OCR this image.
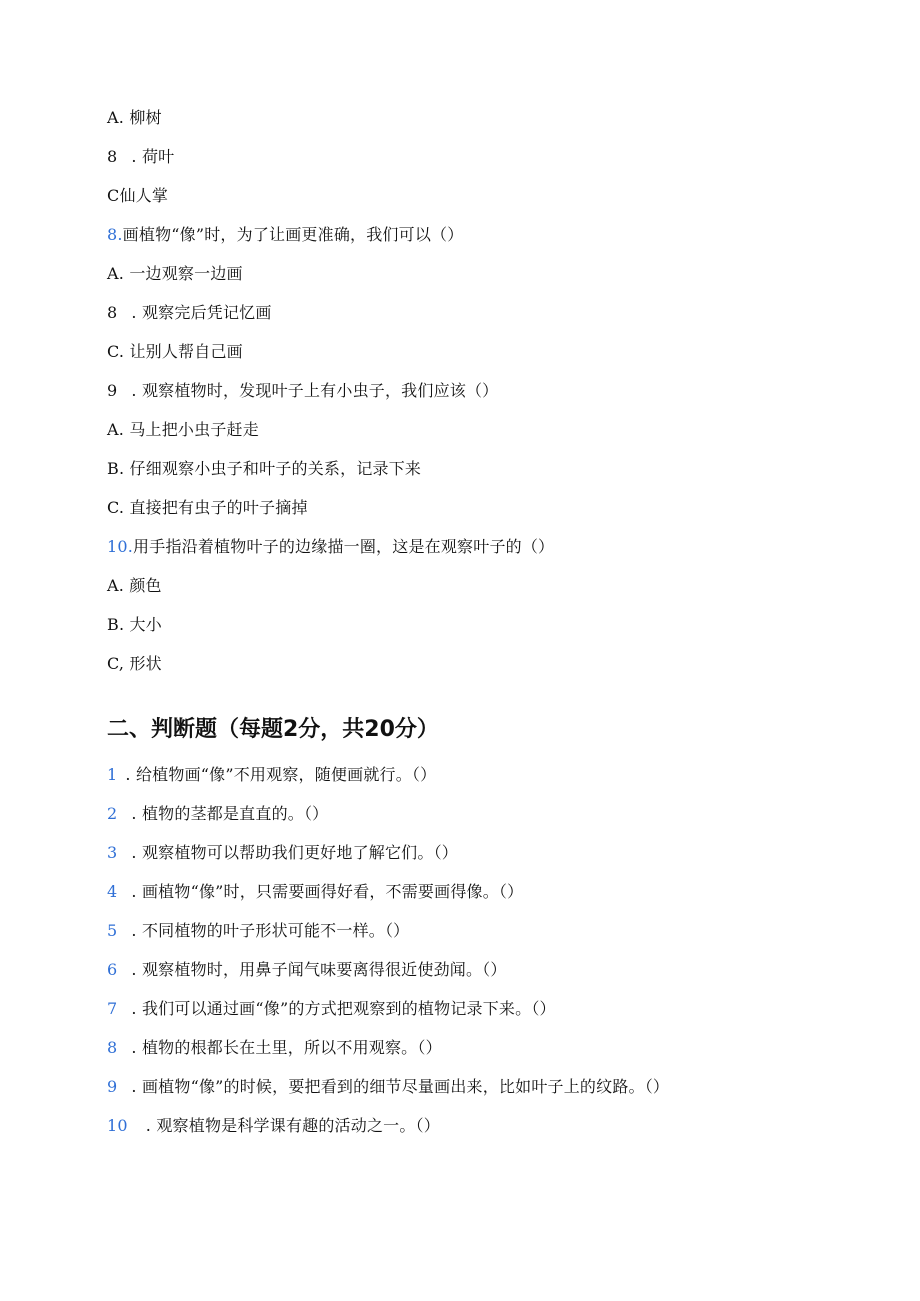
A. 柳树
8 . 荷叶
C仙人掌
8.画植物“像”时，为了让画更准确，我们可以（）
A. 一边观察一边画
8 . 观察完后凭记忆画
C. 让别人帮自己画
9 . 观察植物时，发现叶子上有小虫子，我们应该（）
A. 马上把小虫子赶走
B. 仔细观察小虫子和叶子的关系，记录下来
C. 直接把有虫子的叶子摘掉
10.用手指沿着植物叶子的边缘描一圈，这是在观察叶子的（）
A. 颜色
B. 大小
C, 形状
二、判断题（每题2分，共20分）
1 . 给植物画“像”不用观察，随便画就行。（）
2 . 植物的茎都是直直的。（）
3 . 观察植物可以帮助我们更好地了解它们。（）
4 . 画植物“像”时，只需要画得好看，不需要画得像。（）
5 . 不同植物的叶子形状可能不一样。（）
6 . 观察植物时，用鼻子闻气味要离得很近使劲闻。（）
7 . 我们可以通过画“像”的方式把观察到的植物记录下来。（）
8 . 植物的根都长在土里，所以不用观察。（）
9 . 画植物“像”的时候，要把看到的细节尽量画出来，比如叶子上的纹路。（）
10 . 观察植物是科学课有趣的活动之一。（）
